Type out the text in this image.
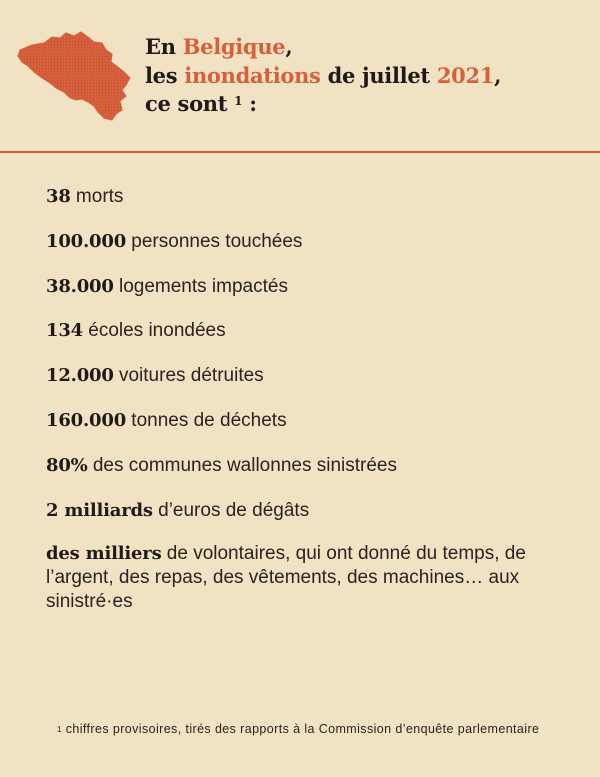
En Belgique,
les inondations de juillet 2021,
ce sont $^1$ :
38 morts
100.000 personnes touchées
38.000 logements impactés
134 écoles inondées
12.000 voitures détruites
160.000 tonnes de déchets
80% des communes wallonnes sinistrées
2 milliards d’euros de dégâts
des milliers de volontaires, qui ont donné du temps, de l’argent, des repas, des vêtements, des machines… aux sinistré·es
$^1$ chiffres provisoires, tirés des rapports à la Commission d’enquête parlementaire
